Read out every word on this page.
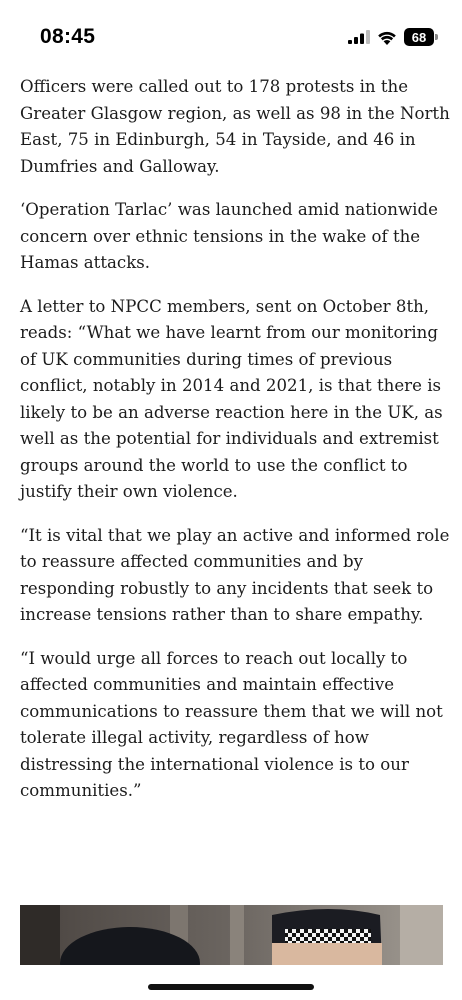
08:45	68

Officers were called out to 178 protests in the Greater Glasgow region, as well as 98 in the North East, 75 in Edinburgh, 54 in Tayside, and 46 in Dumfries and Galloway.

‘Operation Tarlac’ was launched amid nationwide concern over ethnic tensions in the wake of the Hamas attacks.

A letter to NPCC members, sent on October 8th, reads: “What we have learnt from our monitoring of UK communities during times of previous conflict, notably in 2014 and 2021, is that there is likely to be an adverse reaction here in the UK, as well as the potential for individuals and extremist groups around the world to use the conflict to justify their own violence.

“It is vital that we play an active and informed role to reassure affected communities and by responding robustly to any incidents that seek to increase tensions rather than to share empathy.

“I would urge all forces to reach out locally to affected communities and maintain effective communications to reassure them that we will not tolerate illegal activity, regardless of how distressing the international violence is to our communities.”
